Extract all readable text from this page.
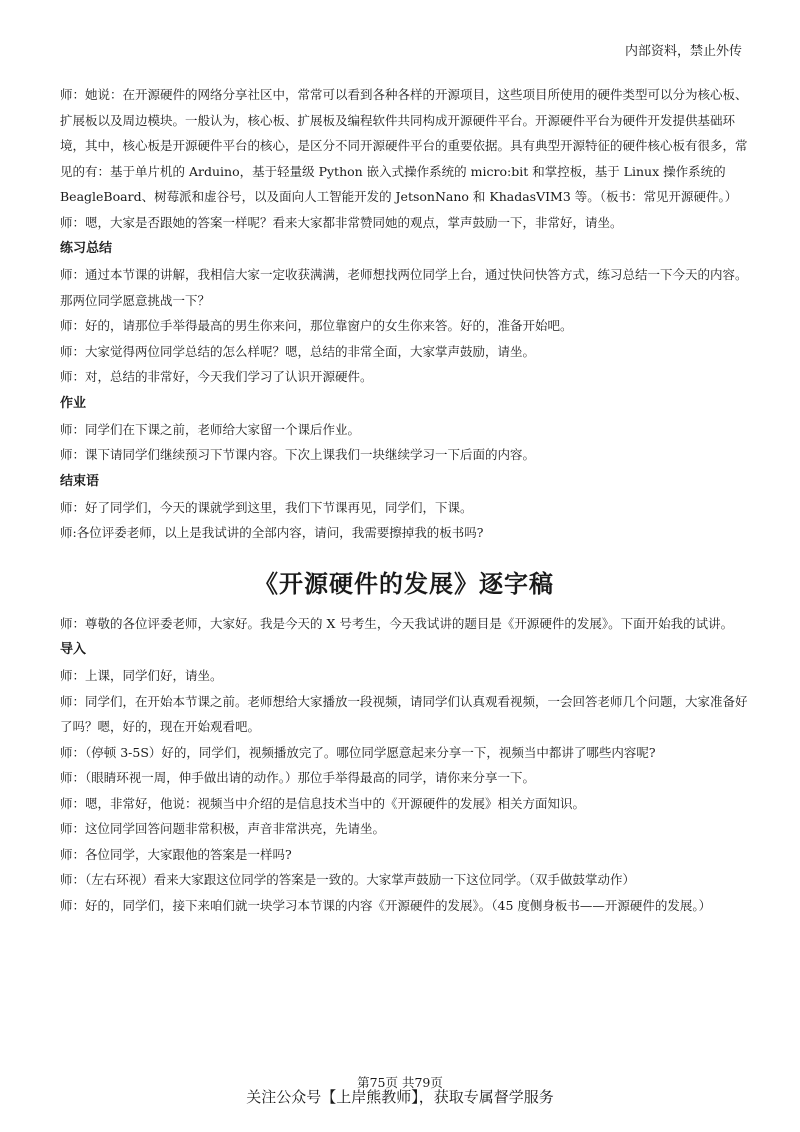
内部资料，禁止外传

师：她说：在开源硬件的网络分享社区中，常常可以看到各种各样的开源项目，这些项目所使用的硬件类型可以分为核心板、扩展板以及周边模块。一般认为，核心板、扩展板及编程软件共同构成开源硬件平台。开源硬件平台为硬件开发提供基础环境，其中，核心板是开源硬件平台的核心，是区分不同开源硬件平台的重要依据。具有典型开源特征的硬件核心板有很多，常见的有：基于单片机的 Arduino，基于轻量级 Python 嵌入式操作系统的 micro:bit 和掌控板，基于 Linux 操作系统的 BeagleBoard、树莓派和虚谷号，以及面向人工智能开发的 JetsonNano 和 KhadasVIM3 等。（板书：常见开源硬件。）

师：嗯，大家是否跟她的答案一样呢？看来大家都非常赞同她的观点，掌声鼓励一下，非常好，请坐。

练习总结

师：通过本节课的讲解，我相信大家一定收获满满，老师想找两位同学上台，通过快问快答方式，练习总结一下今天的内容。那两位同学愿意挑战一下？

师：好的，请那位手举得最高的男生你来问，那位靠窗户的女生你来答。好的，准备开始吧。

师：大家觉得两位同学总结的怎么样呢？嗯，总结的非常全面，大家掌声鼓励，请坐。

师：对，总结的非常好，今天我们学习了认识开源硬件。

作业

师：同学们在下课之前，老师给大家留一个课后作业。

师：课下请同学们继续预习下节课内容。下次上课我们一块继续学习一下后面的内容。

结束语

师：好了同学们，今天的课就学到这里，我们下节课再见，同学们，下课。

师:各位评委老师，以上是我试讲的全部内容，请问，我需要擦掉我的板书吗?

《开源硬件的发展》逐字稿

师：尊敬的各位评委老师，大家好。我是今天的 X 号考生，今天我试讲的题目是《开源硬件的发展》。下面开始我的试讲。

导入

师：上课，同学们好，请坐。

师：同学们，在开始本节课之前。老师想给大家播放一段视频，请同学们认真观看视频，一会回答老师几个问题，大家准备好了吗？嗯，好的，现在开始观看吧。

师：（停顿 3-5S）好的，同学们，视频播放完了。哪位同学愿意起来分享一下，视频当中都讲了哪些内容呢?

师：（眼睛环视一周，伸手做出请的动作。）那位手举得最高的同学，请你来分享一下。

师：嗯，非常好，他说：视频当中介绍的是信息技术当中的《开源硬件的发展》相关方面知识。

师：这位同学回答问题非常积极，声音非常洪亮，先请坐。

师：各位同学，大家跟他的答案是一样吗?

师：（左右环视）看来大家跟这位同学的答案是一致的。大家掌声鼓励一下这位同学。（双手做鼓掌动作）

师：好的，同学们，接下来咱们就一块学习本节课的内容《开源硬件的发展》。（45 度侧身板书——开源硬件的发展。）

第75页 共79页
关注公众号【上岸熊教师】，获取专属督学服务
